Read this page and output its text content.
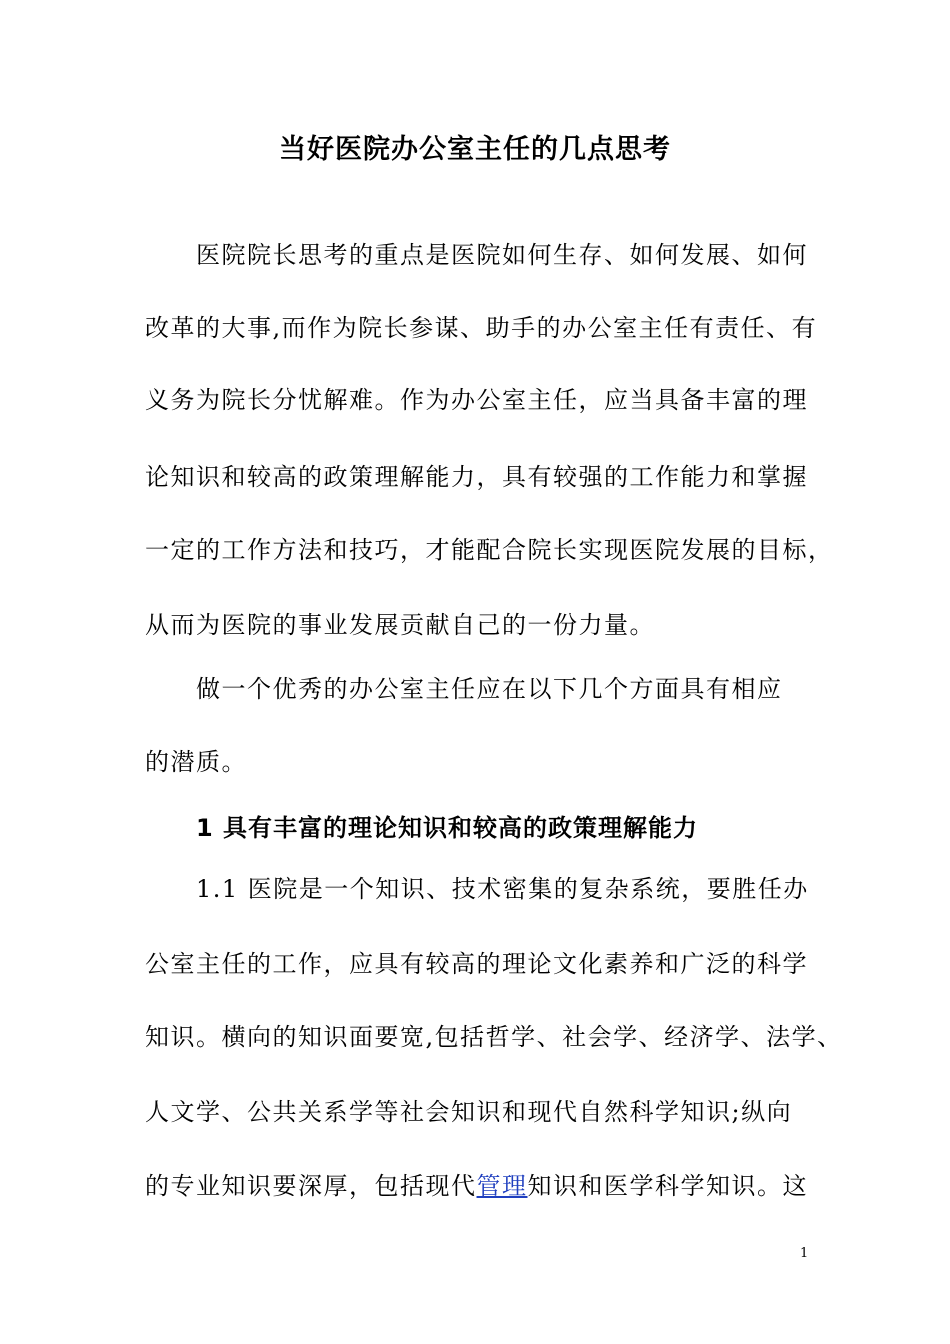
当好医院办公室主任的几点思考
医院院长思考的重点是医院如何生存、如何发展、如何
改革的大事,而作为院长参谋、助手的办公室主任有责任、有
义务为院长分忧解难。作为办公室主任，应当具备丰富的理
论知识和较高的政策理解能力，具有较强的工作能力和掌握
一定的工作方法和技巧，才能配合院长实现医院发展的目标，
从而为医院的事业发展贡献自己的一份力量。
做一个优秀的办公室主任应在以下几个方面具有相应
的潜质。
1 具有丰富的理论知识和较高的政策理解能力
1.1 医院是一个知识、技术密集的复杂系统，要胜任办
公室主任的工作，应具有较高的理论文化素养和广泛的科学
知识。横向的知识面要宽,包括哲学、社会学、经济学、法学、
人文学、公共关系学等社会知识和现代自然科学知识;纵向
的专业知识要深厚，包括现代管理知识和医学科学知识。这
1
